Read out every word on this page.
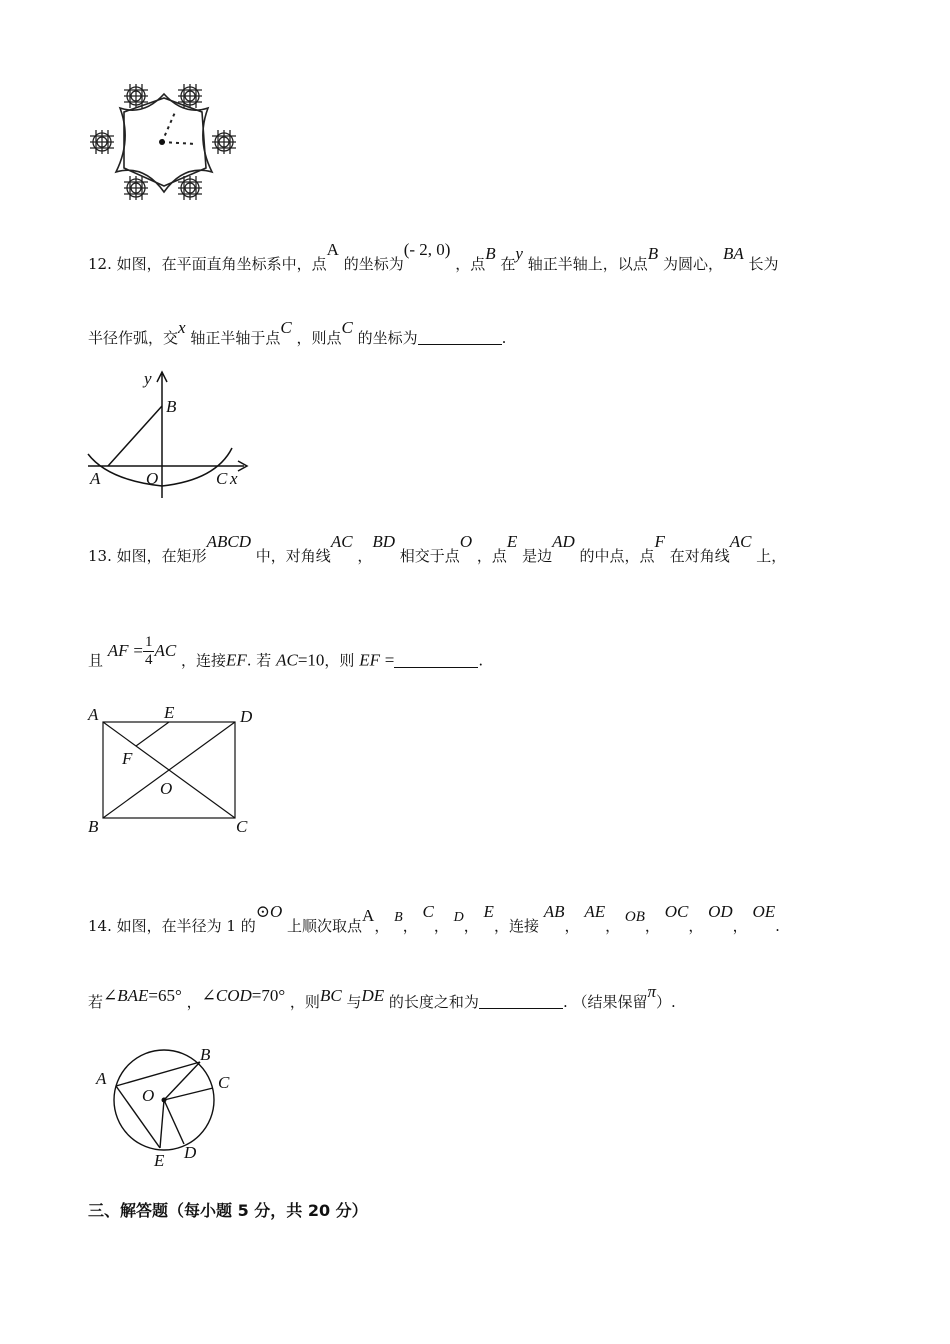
12. 如图，在平面直角坐标系中，点A 的坐标为(- 2, 0) ，点B 在y 轴正半轴上，以点B 为圆心，BA 长为
半径作弧，交x 轴正半轴于点C ，则点C 的坐标为	.
y
B
A	O	C x
13. 如图，在矩形ABCD 中，对角线AC ，BD 相交于点O ，点E 是边AD 的中点，点F 在对角线AC 上，
且 AF = $\frac{1}{4}$ AC ，连接EF. 若 AC=10，则 EF =	.
A	E	D
F
O
B	C
14. 如图，在半径为 1 的⊙O 上顺次取点A， B， C， D， E，连接 AB， AE， OB， OC， OD， OE.
若∠BAE=65° ，∠COD=70° ，则BC 与DE 的长度之和为	. （结果保留π）.
B
A	C
O
E D
三、解答题（每小题 5 分，共 20 分）
